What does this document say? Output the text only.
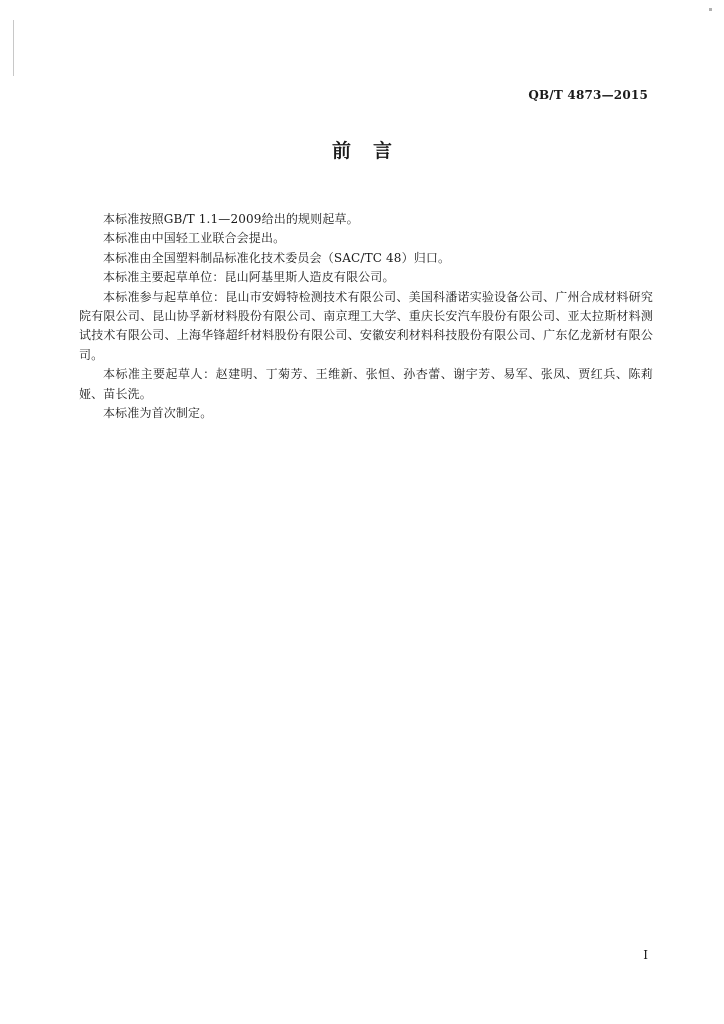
QB/T 4873—2015
前言

本标准按照GB/T 1.1—2009给出的规则起草。

本标准由中国轻工业联合会提出。

本标准由全国塑料制品标准化技术委员会（SAC/TC 48）归口。

本标准主要起草单位：昆山阿基里斯人造皮有限公司。

本标准参与起草单位：昆山市安姆特检测技术有限公司、美国科潘诺实验设备公司、广州合成材料研究院有限公司、昆山协孚新材料股份有限公司、南京理工大学、重庆长安汽车股份有限公司、亚太拉斯材料测试技术有限公司、上海华锋超纤材料股份有限公司、安徽安利材料科技股份有限公司、广东亿龙新材有限公司。

本标准主要起草人：赵建明、丁菊芳、王维新、张恒、孙杏蕾、谢宇芳、易军、张凤、贾红兵、陈莉娅、苗长洗。

本标准为首次制定。

I
